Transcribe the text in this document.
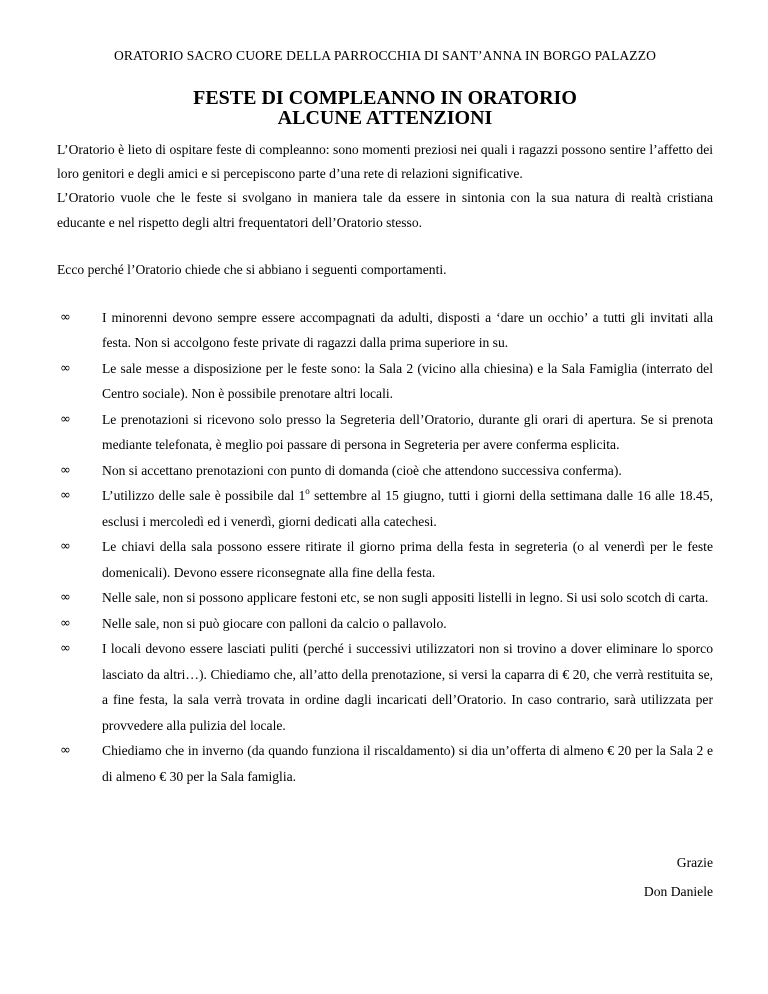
ORATORIO SACRO CUORE DELLA PARROCCHIA DI SANT’ANNA IN BORGO PALAZZO
FESTE DI COMPLEANNO IN ORATORIO
ALCUNE ATTENZIONI

L’Oratorio è lieto di ospitare feste di compleanno: sono momenti preziosi nei quali i ragazzi possono sentire l’affetto dei loro genitori e degli amici e si percepiscono parte d’una rete di relazioni significative.

L’Oratorio vuole che le feste si svolgano in maniera tale da essere in sintonia con la sua natura di realtà cristiana educante e nel rispetto degli altri frequentatori dell’Oratorio stesso.

Ecco perché l’Oratorio chiede che si abbiano i seguenti comportamenti.
∞	I minorenni devono sempre essere accompagnati da adulti, disposti a ‘dare un occhio’ a tutti gli invitati alla festa. Non si accolgono feste private di ragazzi dalla prima superiore in su.
∞	Le sale messe a disposizione per le feste sono: la Sala 2 (vicino alla chiesina) e la Sala Famiglia (interrato del Centro sociale). Non è possibile prenotare altri locali.
∞	Le prenotazioni si ricevono solo presso la Segreteria dell’Oratorio, durante gli orari di apertura. Se si prenota mediante telefonata, è meglio poi passare di persona in Segreteria per avere conferma esplicita.
∞	Non si accettano prenotazioni con punto di domanda (cioè che attendono successiva conferma).
∞	L’utilizzo delle sale è possibile dal 1$^o$ settembre al 15 giugno, tutti i giorni della settimana dalle 16 alle 18.45, esclusi i mercoledì ed i venerdì, giorni dedicati alla catechesi.
∞	Le chiavi della sala possono essere ritirate il giorno prima della festa in segreteria (o al venerdì per le feste domenicali). Devono essere riconsegnate alla fine della festa.
∞	Nelle sale, non si possono applicare festoni etc, se non sugli appositi listelli in legno. Si usi solo scotch di carta.
∞	Nelle sale, non si può giocare con palloni da calcio o pallavolo.
∞	I locali devono essere lasciati puliti (perché i successivi utilizzatori non si trovino a dover eliminare lo sporco lasciato da altri…). Chiediamo che, all’atto della prenotazione, si versi la caparra di € 20, che verrà restituita se, a fine festa, la sala verrà trovata in ordine dagli incaricati dell’Oratorio. In caso contrario, sarà utilizzata per provvedere alla pulizia del locale.
∞	Chiediamo che in inverno (da quando funziona il riscaldamento) si dia un’offerta di almeno € 20 per la Sala 2 e di almeno € 30 per la Sala famiglia.
Grazie
Don Daniele
